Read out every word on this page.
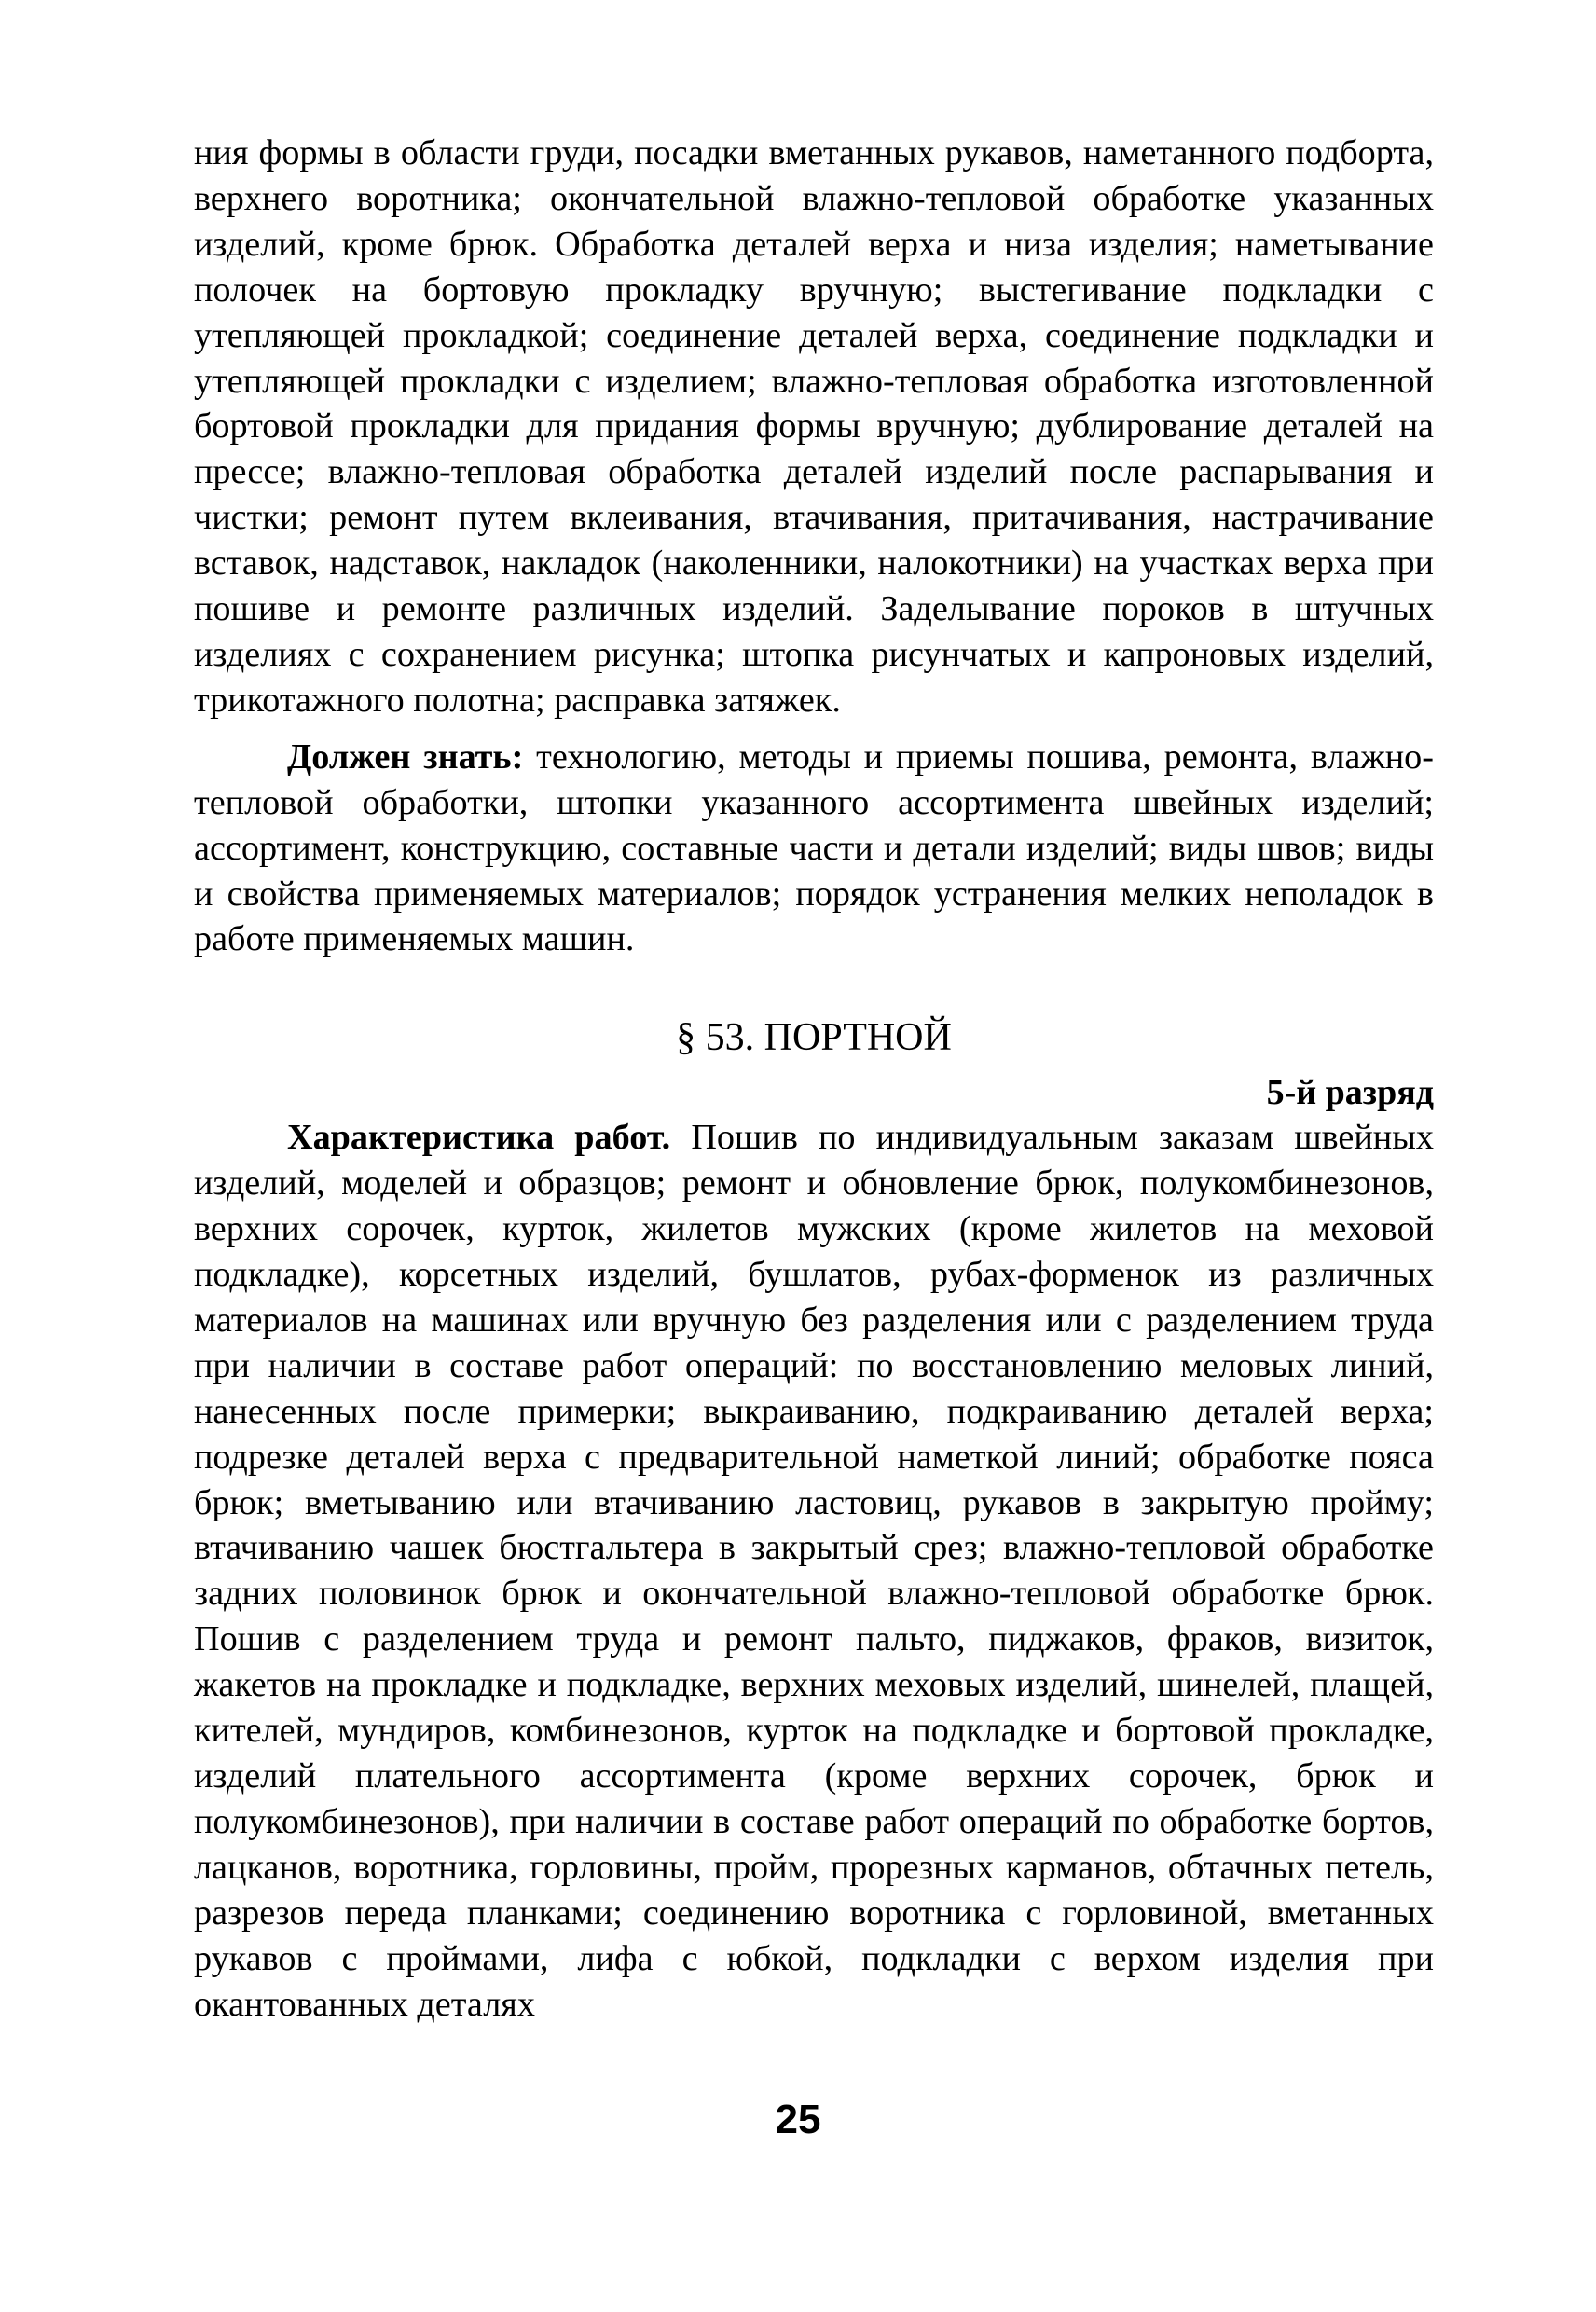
ния формы в области груди, посадки вметанных рукавов, наметанного подборта, верхнего воротника; окончательной влажно-тепловой обработке указанных изделий, кроме брюк. Обработка деталей верха и низа изделия; наметывание полочек на бортовую прокладку вручную; выстегивание подкладки с утепляющей прокладкой; соединение деталей верха, соединение подкладки и утепляющей прокладки с изделием; влажно-тепловая обработка изготовленной бортовой прокладки для придания формы вручную; дублирование деталей на прессе; влажно-тепловая обработка деталей изделий после распарывания и чистки; ремонт путем вклеивания, втачивания, притачивания, настрачивание вставок, надставок, накладок (наколенники, налокотники) на участках верха при пошиве и ремонте различных изделий. Заделывание пороков в штучных изделиях с сохранением рисунка; штопка рисунчатых и капроновых изделий, трикотажного полотна; расправка затяжек.

Должен знать: технологию, методы и приемы пошива, ремонта, влажно-тепловой обработки, штопки указанного ассортимента швейных изделий; ассортимент, конструкцию, составные части и детали изделий; виды швов; виды и свойства применяемых материалов; порядок устранения мелких неполадок в работе применяемых машин.

§ 53. ПОРТНОЙ
5-й разряд

Характеристика работ. Пошив по индивидуальным заказам швейных изделий, моделей и образцов; ремонт и обновление брюк, полукомбинезонов, верхних сорочек, курток, жилетов мужских (кроме жилетов на меховой подкладке), корсетных изделий, бушлатов, рубах-форменок из различных материалов на машинах или вручную без разделения или с разделением труда при наличии в составе работ операций: по восстановлению меловых линий, нанесенных после примерки; выкраиванию, подкраиванию деталей верха; подрезке деталей верха с предварительной наметкой линий; обработке пояса брюк; вметыванию или втачиванию ластовиц, рукавов в закрытую пройму; втачиванию чашек бюстгальтера в закрытый срез; влажно-тепловой обработке задних половинок брюк и окончательной влажно-тепловой обработке брюк. Пошив с разделением труда и ремонт пальто, пиджаков, фраков, визиток, жакетов на прокладке и подкладке, верхних меховых изделий, шинелей, плащей, кителей, мундиров, комбинезонов, курток на подкладке и бортовой прокладке, изделий плательного ассортимента (кроме верхних сорочек, брюк и полукомбинезонов), при наличии в составе работ операций по обработке бортов, лацканов, воротника, горловины, пройм, прорезных карманов, обтачных петель, разрезов переда планками; соединению воротника с горловиной, вметанных рукавов с проймами, лифа с юбкой, подкладки с верхом изделия при окантованных деталях

25
